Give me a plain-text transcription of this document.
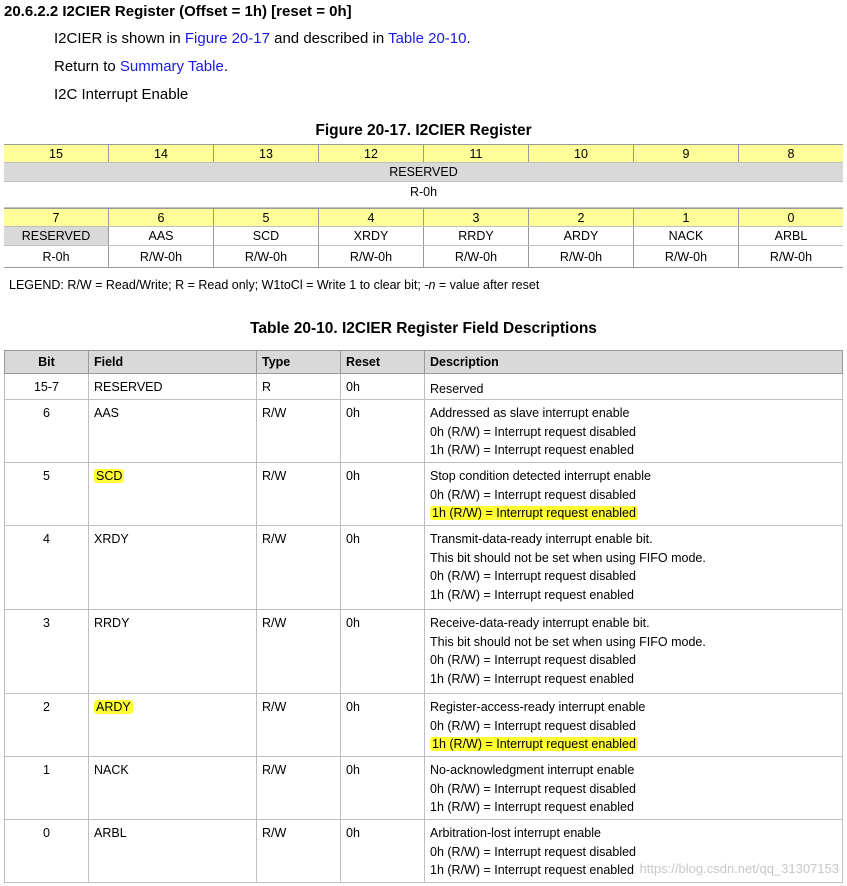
20.6.2.2 I2CIER Register (Offset = 1h) [reset = 0h]
I2CIER is shown in Figure 20-17 and described in Table 20-10.
Return to Summary Table.
I2C Interrupt Enable
Figure 20-17. I2CIER Register
15	14	13	12	11	10	9	8
RESERVED
R-0h
7	6	5	4	3	2	1	0
RESERVED	AAS	SCD	XRDY	RRDY	ARDY	NACK	ARBL
R-0h	R/W-0h	R/W-0h	R/W-0h	R/W-0h	R/W-0h	R/W-0h	R/W-0h
LEGEND: R/W = Read/Write; R = Read only; W1toCl = Write 1 to clear bit; -n = value after reset
Table 20-10. I2CIER Register Field Descriptions
Bit	Field	Type	Reset	Description
15-7	RESERVED	R	0h	Reserved

6	AAS	R/W	0h	Addressed as slave interrupt enable
0h (R/W) = Interrupt request disabled
1h (R/W) = Interrupt request enabled

5	SCD	R/W	0h	Stop condition detected interrupt enable
0h (R/W) = Interrupt request disabled
1h (R/W) = Interrupt request enabled

4	XRDY	R/W	0h	Transmit-data-ready interrupt enable bit.
This bit should not be set when using FIFO mode.
0h (R/W) = Interrupt request disabled
1h (R/W) = Interrupt request enabled

3	RRDY	R/W	0h	Receive-data-ready interrupt enable bit.
This bit should not be set when using FIFO mode.
0h (R/W) = Interrupt request disabled
1h (R/W) = Interrupt request enabled

2	ARDY	R/W	0h	Register-access-ready interrupt enable
0h (R/W) = Interrupt request disabled
1h (R/W) = Interrupt request enabled

1	NACK	R/W	0h	No-acknowledgment interrupt enable
0h (R/W) = Interrupt request disabled
1h (R/W) = Interrupt request enabled

0	ARBL	R/W	0h	Arbitration-lost interrupt enable
0h (R/W) = Interrupt request disabled
1h (R/W) = Interrupt request enabled https://blog.csdn.net/qq_31307153
